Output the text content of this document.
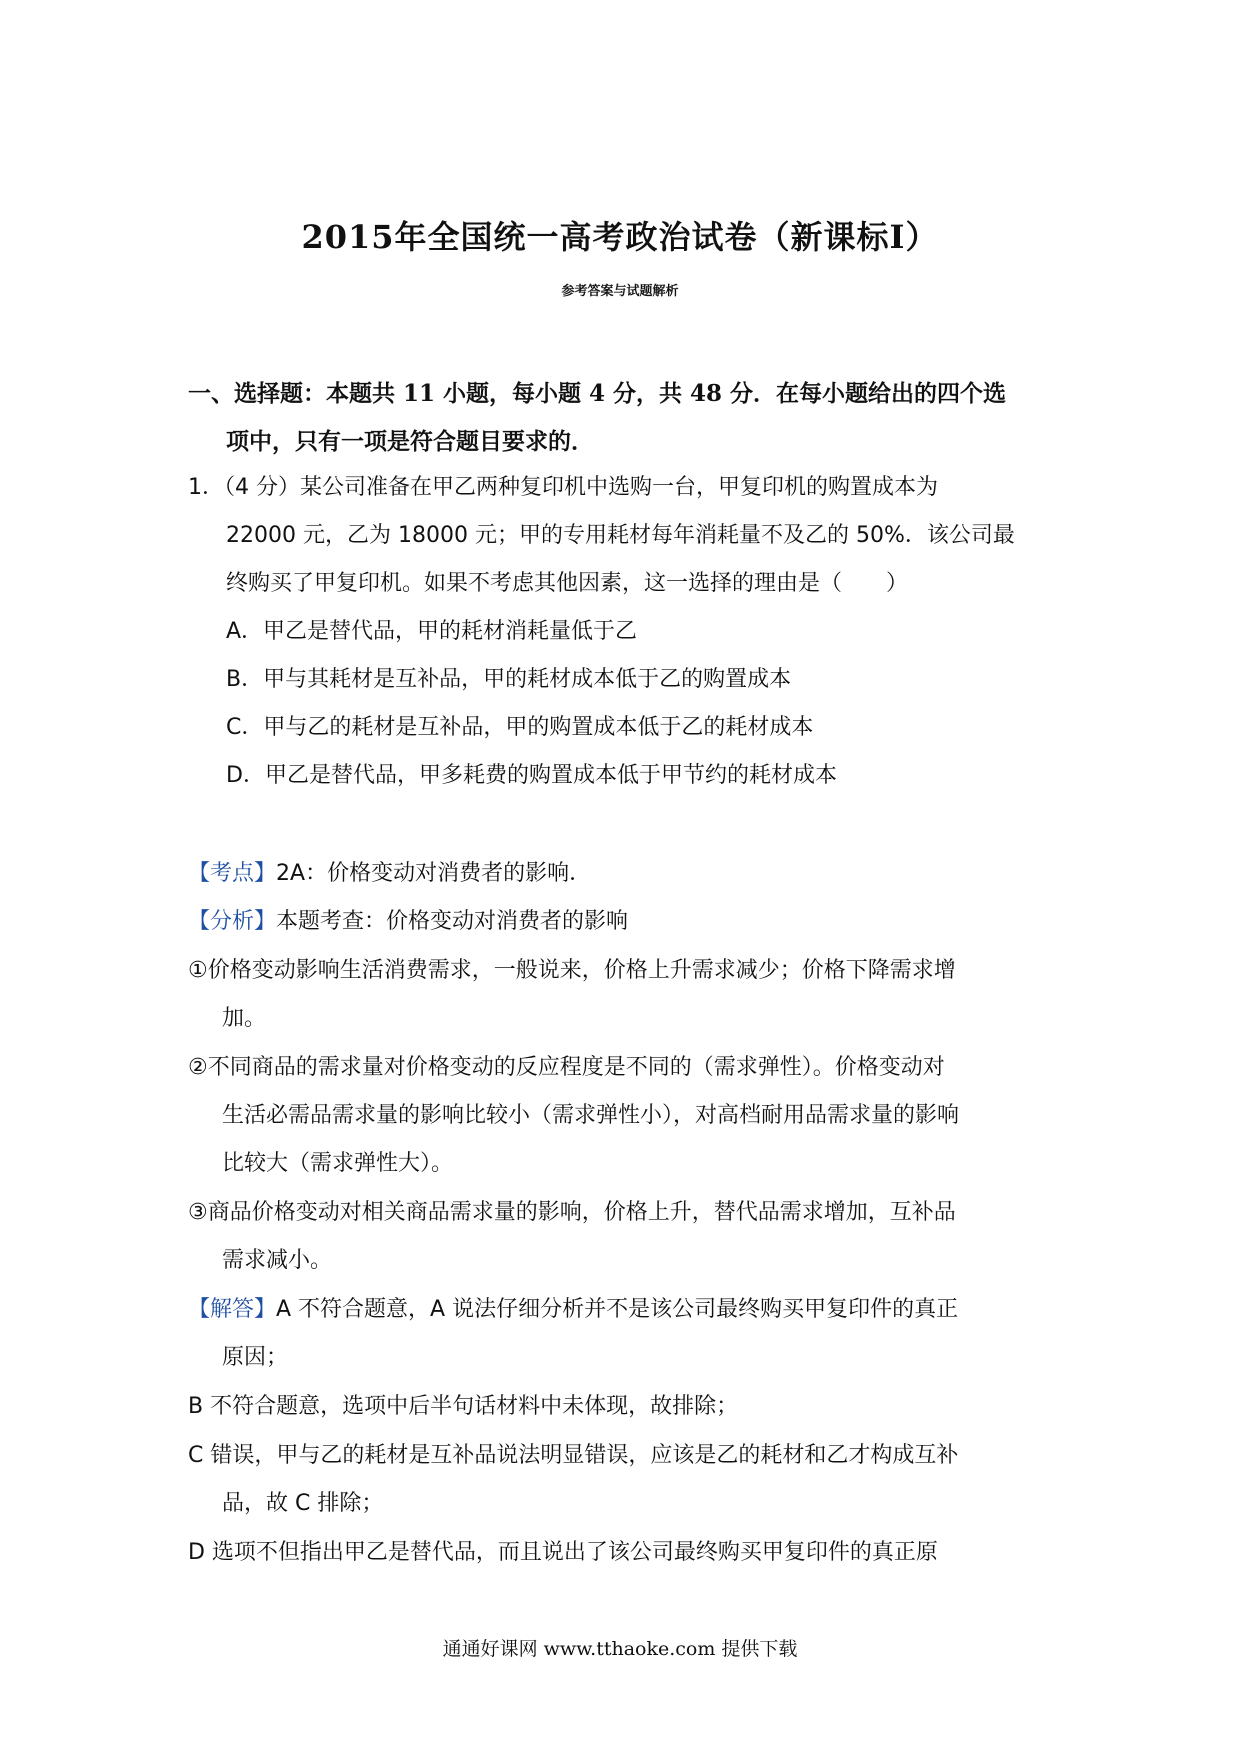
2015年全国统一高考政治试卷（新课标Ⅰ）
参考答案与试题解析
一、选择题：本题共 11 小题，每小题 4 分，共 48 分．在每小题给出的四个选
项中，只有一项是符合题目要求的．
1．（4 分）某公司准备在甲乙两种复印机中选购一台，甲复印机的购置成本为
22000 元，乙为 18000 元；甲的专用耗材每年消耗量不及乙的 50%．该公司最
终购买了甲复印机。如果不考虑其他因素，这一选择的理由是（　　）
A．甲乙是替代品，甲的耗材消耗量低于乙
B．甲与其耗材是互补品，甲的耗材成本低于乙的购置成本
C．甲与乙的耗材是互补品，甲的购置成本低于乙的耗材成本
D．甲乙是替代品，甲多耗费的购置成本低于甲节约的耗材成本
【考点】2A：价格变动对消费者的影响．
【分析】本题考查：价格变动对消费者的影响
①价格变动影响生活消费需求，一般说来，价格上升需求减少；价格下降需求增
加。
②不同商品的需求量对价格变动的反应程度是不同的（需求弹性）。价格变动对
生活必需品需求量的影响比较小（需求弹性小），对高档耐用品需求量的影响
比较大（需求弹性大）。
③商品价格变动对相关商品需求量的影响，价格上升，替代品需求增加，互补品
需求减小。
【解答】A 不符合题意，A 说法仔细分析并不是该公司最终购买甲复印件的真正
原因；
B 不符合题意，选项中后半句话材料中未体现，故排除；
C 错误，甲与乙的耗材是互补品说法明显错误，应该是乙的耗材和乙才构成互补
品，故 C 排除；
D 选项不但指出甲乙是替代品，而且说出了该公司最终购买甲复印件的真正原
通通好课网 www.tthaoke.com 提供下载
